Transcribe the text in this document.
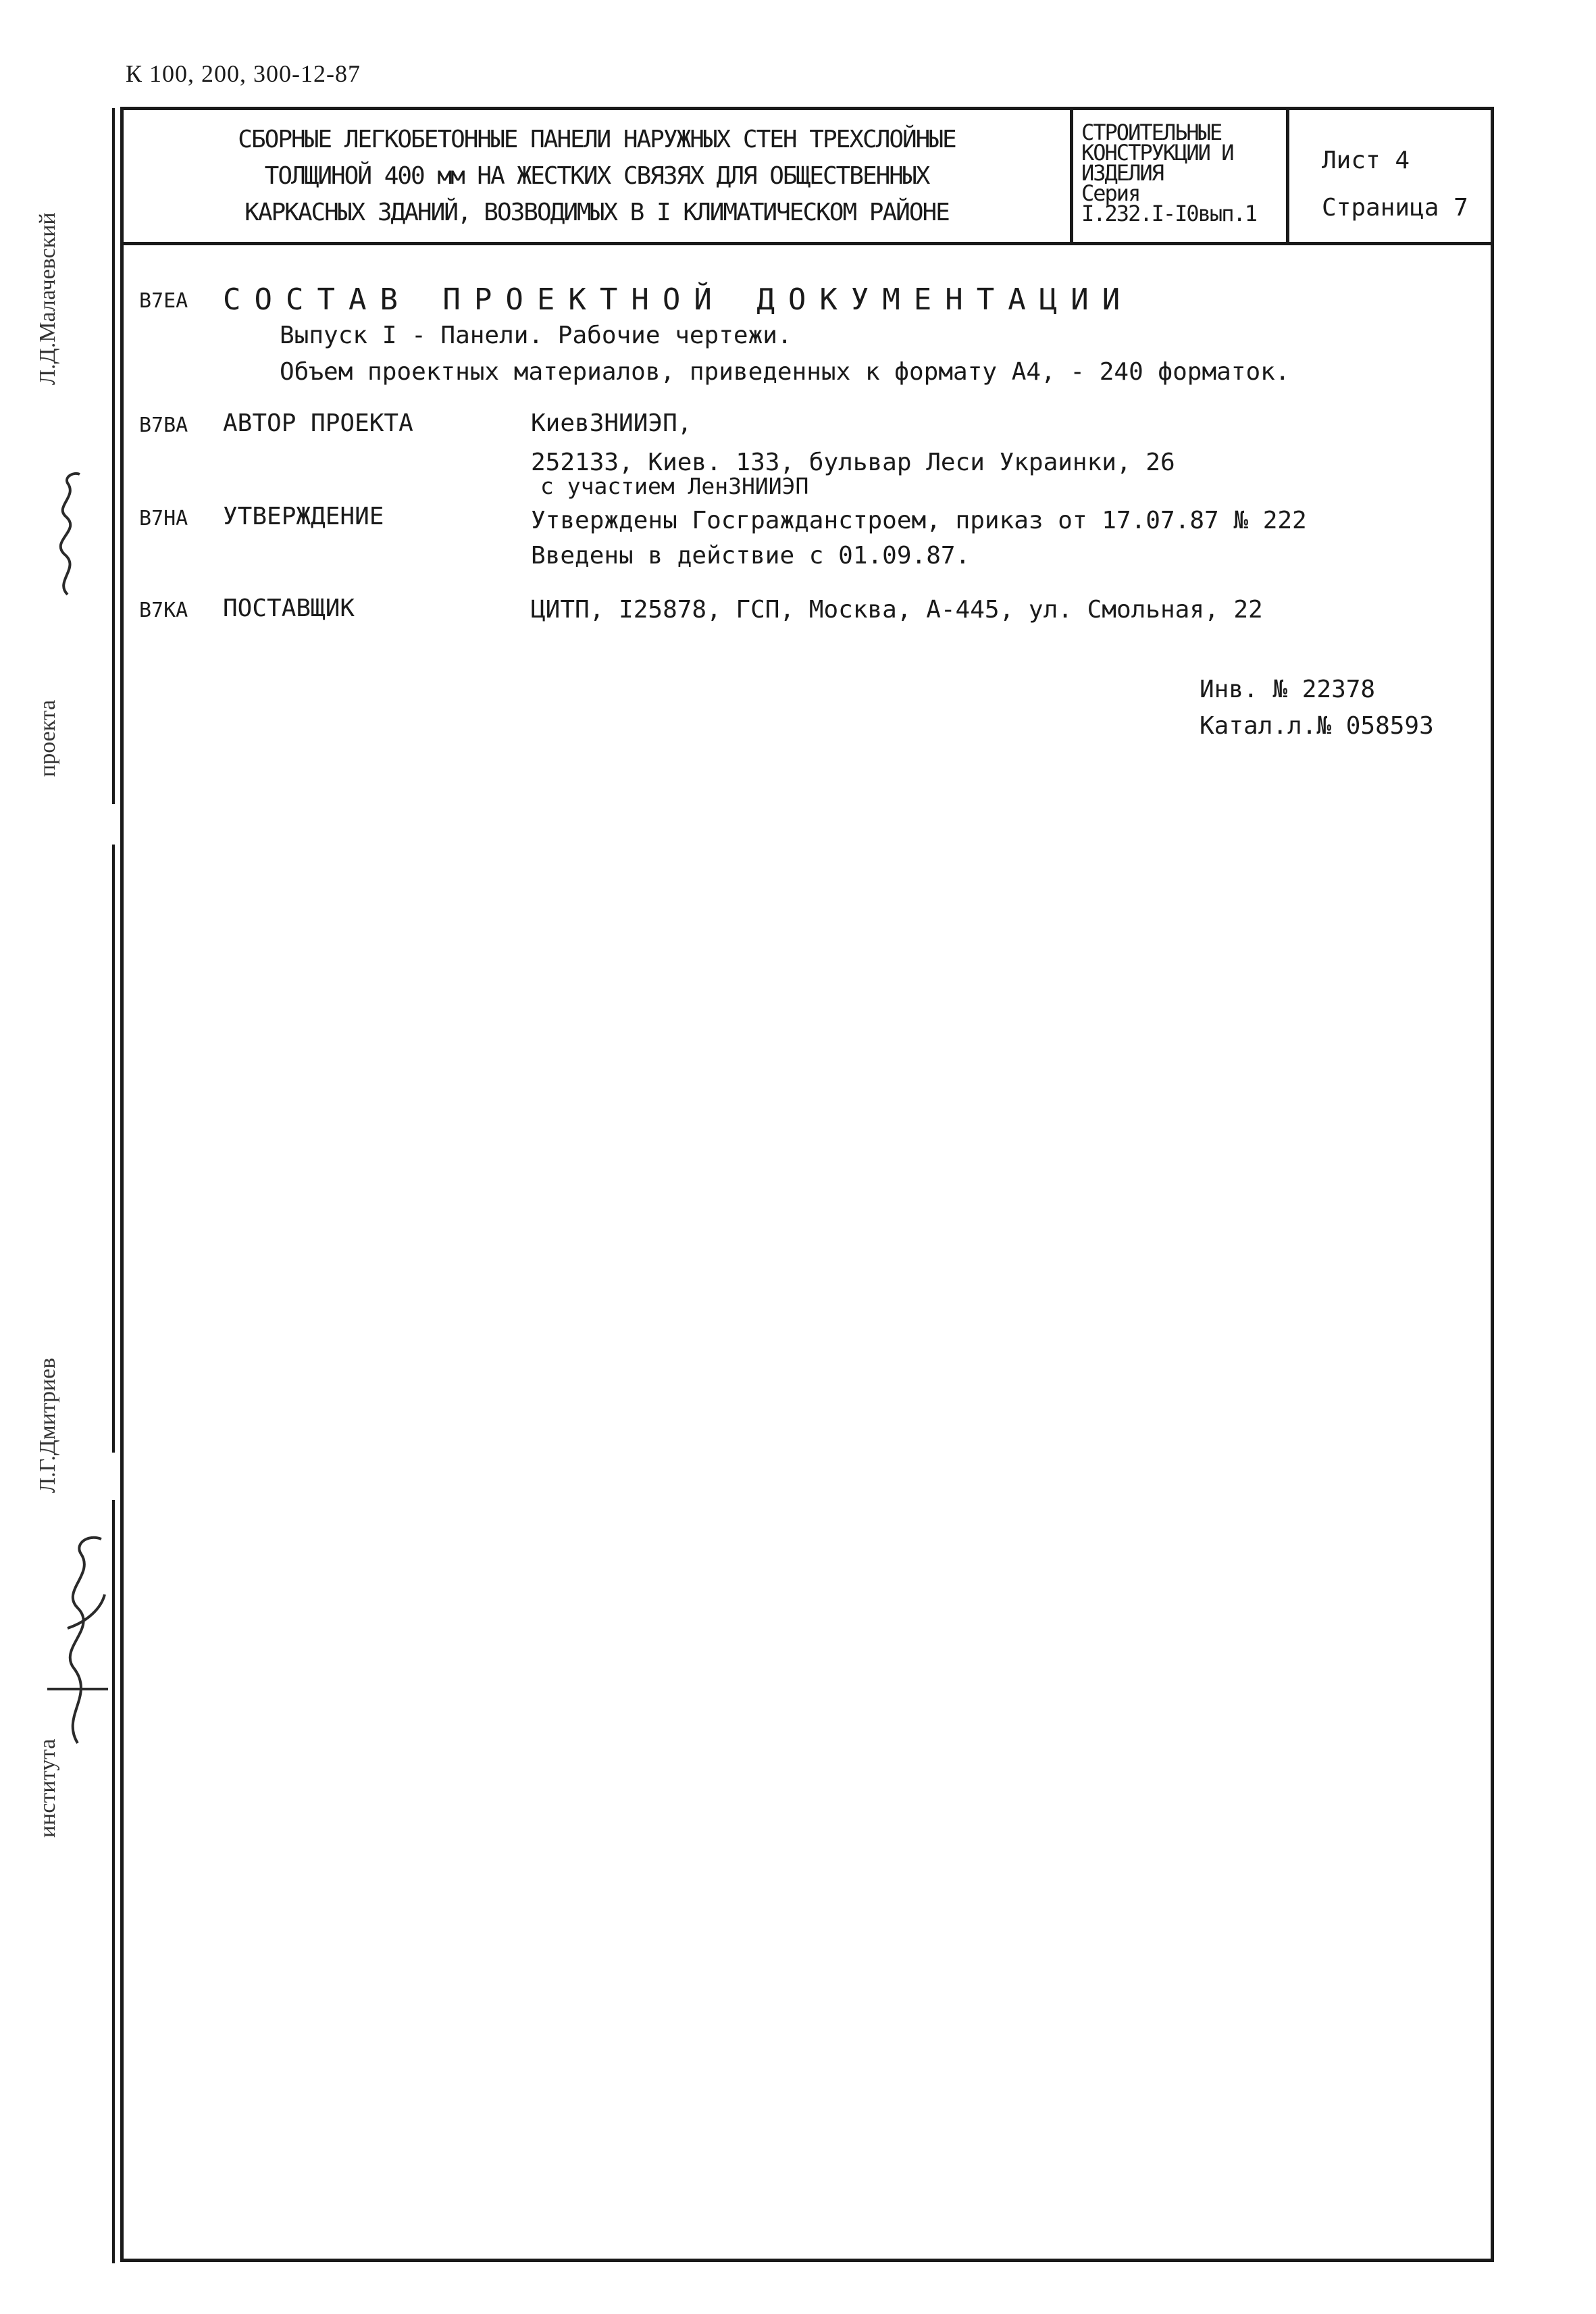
К 100, 200, 300-12-87
СБОРНЫЕ ЛЕГКОБЕТОННЫЕ ПАНЕЛИ НАРУЖНЫХ СТЕН ТРЕХСЛОЙНЫЕ
ТОЛЩИНОЙ 400 мм НА ЖЕСТКИХ СВЯЗЯХ ДЛЯ ОБЩЕСТВЕННЫХ
КАРКАСНЫХ ЗДАНИЙ, ВОЗВОДИМЫХ В I КЛИМАТИЧЕСКОМ РАЙОНЕ
СТРОИТЕЛЬНЫЕ
КОНСТРУКЦИИ И
ИЗДЕЛИЯ
Серия
I.232.I-I0вып.1
Лист 4
Страница 7
В7ЕА СОСТАВ ПРОЕКТНОЙ ДОКУМЕНТАЦИИ
Выпуск I - Панели. Рабочие чертежи.
Объем проектных материалов, приведенных к формату А4, - 240 форматок.
В7ВА АВТОР ПРОЕКТА	КиевЗНИИЭП,
252133, Киев. 133, бульвар Леси Украинки, 26
с участием ЛенЗНИИЭП
В7НА УТВЕРЖДЕНИЕ	Утверждены Госгражданстроем, приказ от 17.07.87 № 222
Введены в действие с 01.09.87.
В7КА ПОСТАВЩИК	ЦИТП, I25878, ГСП, Москва, А-445, ул. Смольная, 22
Инв. № 22378
Катал.л.№ 058593
Л.Д.Малачевский
проекта
Л.Г.Дмитриев
института
